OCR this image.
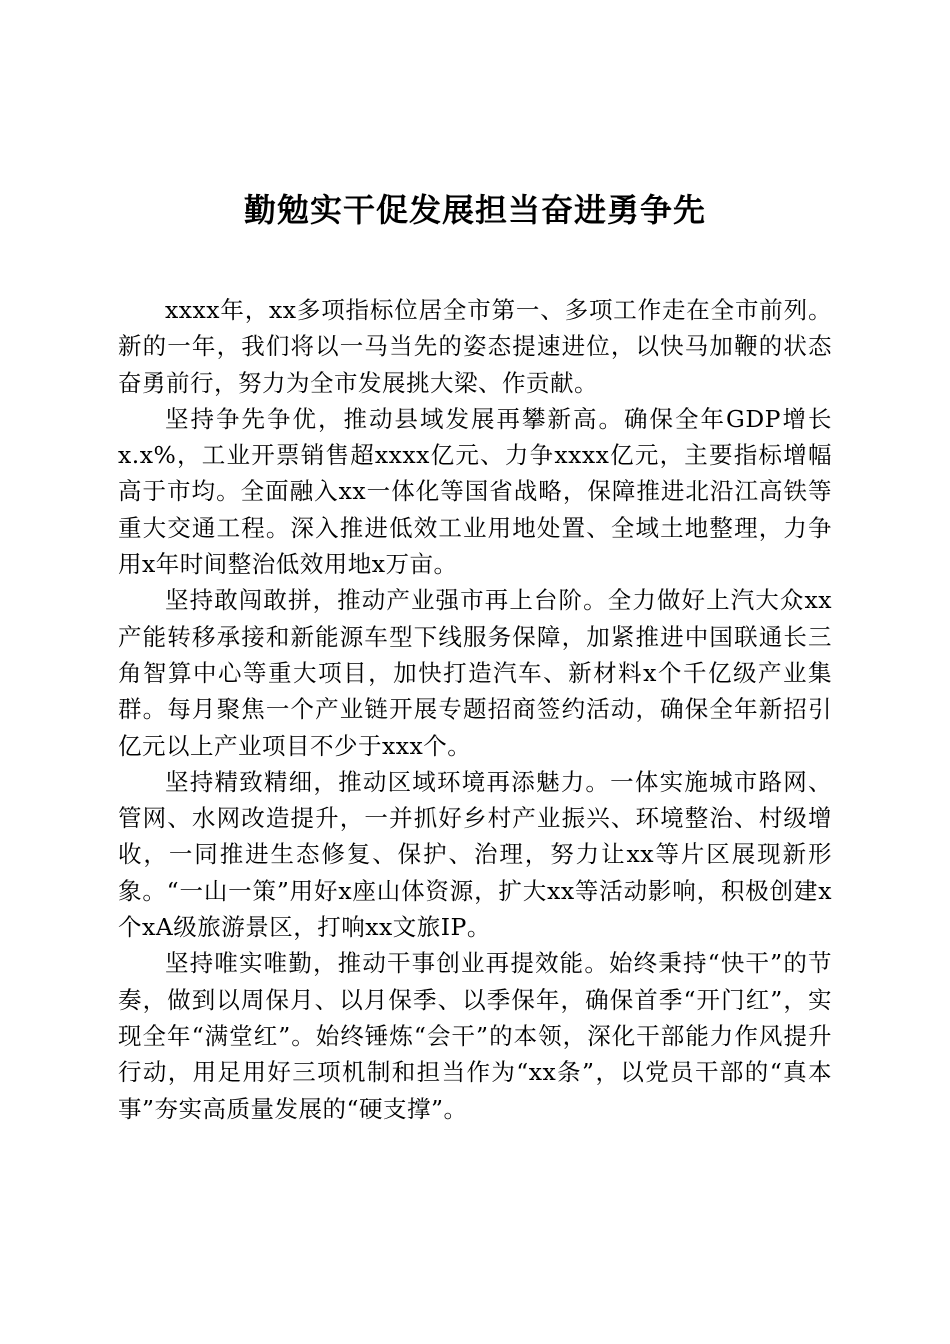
勤勉实干促发展担当奋进勇争先

xxxx年，xx多项指标位居全市第一、多项工作走在全市前列。新的一年，我们将以一马当先的姿态提速进位，以快马加鞭的状态奋勇前行，努力为全市发展挑大梁、作贡献。

坚持争先争优，推动县域发展再攀新高。确保全年GDP增长x.x%，工业开票销售超xxxx亿元、力争xxxx亿元，主要指标增幅高于市均。全面融入xx一体化等国省战略，保障推进北沿江高铁等重大交通工程。深入推进低效工业用地处置、全域土地整理，力争用x年时间整治低效用地x万亩。

坚持敢闯敢拼，推动产业强市再上台阶。全力做好上汽大众xx产能转移承接和新能源车型下线服务保障，加紧推进中国联通长三角智算中心等重大项目，加快打造汽车、新材料x个千亿级产业集群。每月聚焦一个产业链开展专题招商签约活动，确保全年新招引亿元以上产业项目不少于xxx个。

坚持精致精细，推动区域环境再添魅力。一体实施城市路网、管网、水网改造提升，一并抓好乡村产业振兴、环境整治、村级增收，一同推进生态修复、保护、治理，努力让xx等片区展现新形象。“一山一策”用好x座山体资源，扩大xx等活动影响，积极创建x个xA级旅游景区，打响xx文旅IP。

坚持唯实唯勤，推动干事创业再提效能。始终秉持“快干”的节奏，做到以周保月、以月保季、以季保年，确保首季“开门红”，实现全年“满堂红”。始终锤炼“会干”的本领，深化干部能力作风提升行动，用足用好三项机制和担当作为“xx条”，以党员干部的“真本事”夯实高质量发展的“硬支撑”。
